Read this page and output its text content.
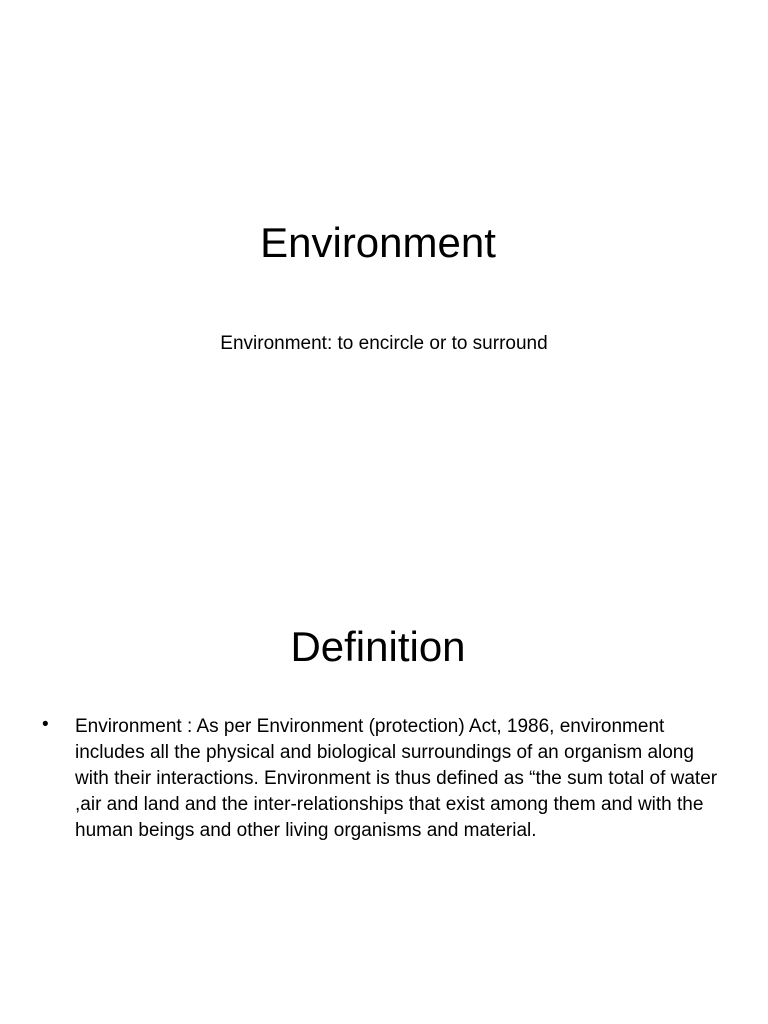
Environment

Environment: to encircle or to surround

Definition
• Environment : As per Environment (protection) Act, 1986, environment includes all the physical and biological surroundings of an organism along with their interactions. Environment is thus defined as “the sum total of water ,air and land and the inter-relationships that exist among them and with the human beings and other living organisms and material.
